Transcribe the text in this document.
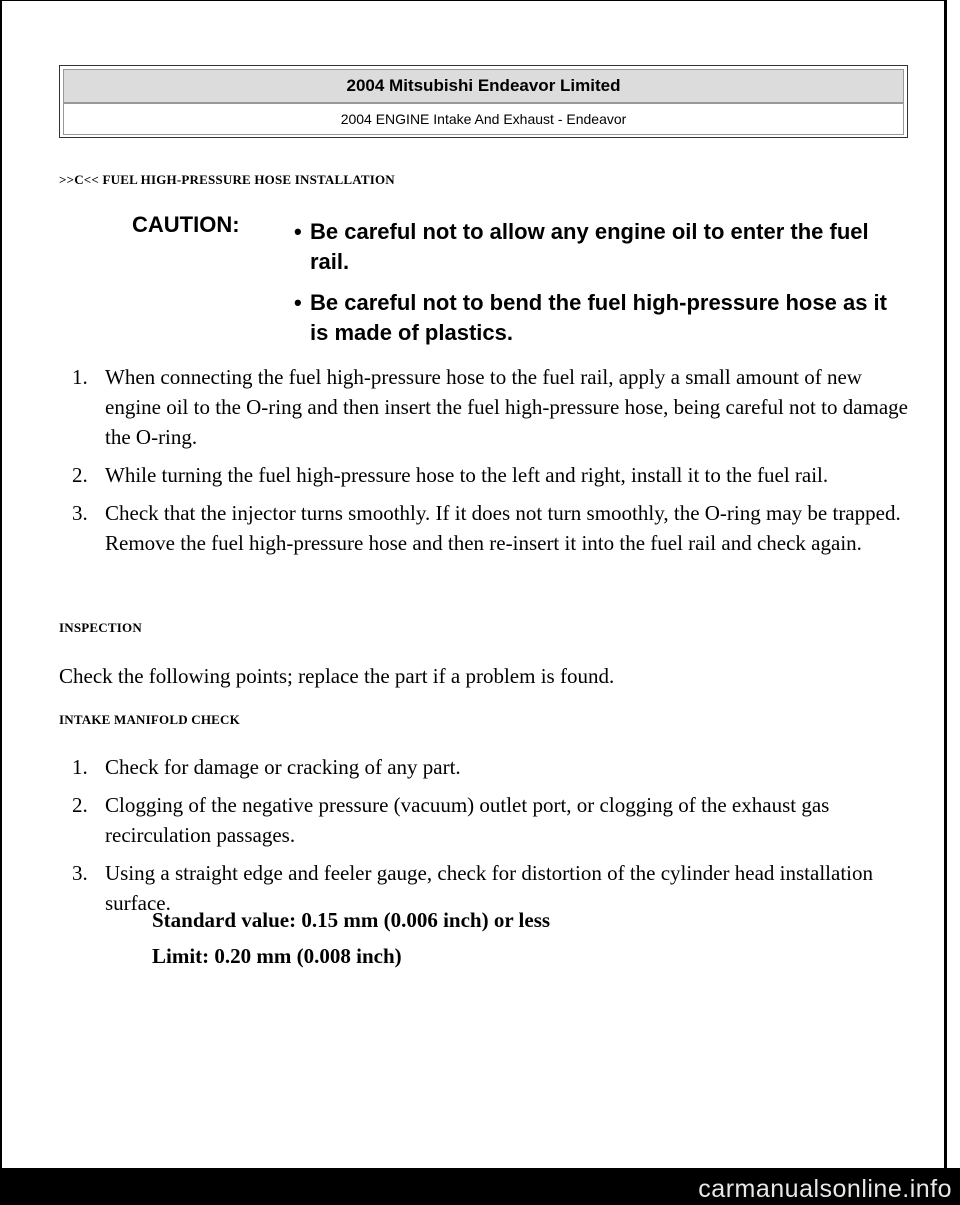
2004 Mitsubishi Endeavor Limited
2004 ENGINE Intake And Exhaust - Endeavor
>>C<< FUEL HIGH-PRESSURE HOSE INSTALLATION
CAUTION: • Be careful not to allow any engine oil to enter the fuel rail.
• Be careful not to bend the fuel high-pressure hose as it is made of plastics.
1. When connecting the fuel high-pressure hose to the fuel rail, apply a small amount of new engine oil to the O-ring and then insert the fuel high-pressure hose, being careful not to damage the O-ring.
2. While turning the fuel high-pressure hose to the left and right, install it to the fuel rail.
3. Check that the injector turns smoothly. If it does not turn smoothly, the O-ring may be trapped. Remove the fuel high-pressure hose and then re-insert it into the fuel rail and check again.
INSPECTION
Check the following points; replace the part if a problem is found.
INTAKE MANIFOLD CHECK
1. Check for damage or cracking of any part.
2. Clogging of the negative pressure (vacuum) outlet port, or clogging of the exhaust gas recirculation passages.
3. Using a straight edge and feeler gauge, check for distortion of the cylinder head installation surface.
Standard value: 0.15 mm (0.006 inch) or less
Limit: 0.20 mm (0.008 inch)
carmanualsonline.info
